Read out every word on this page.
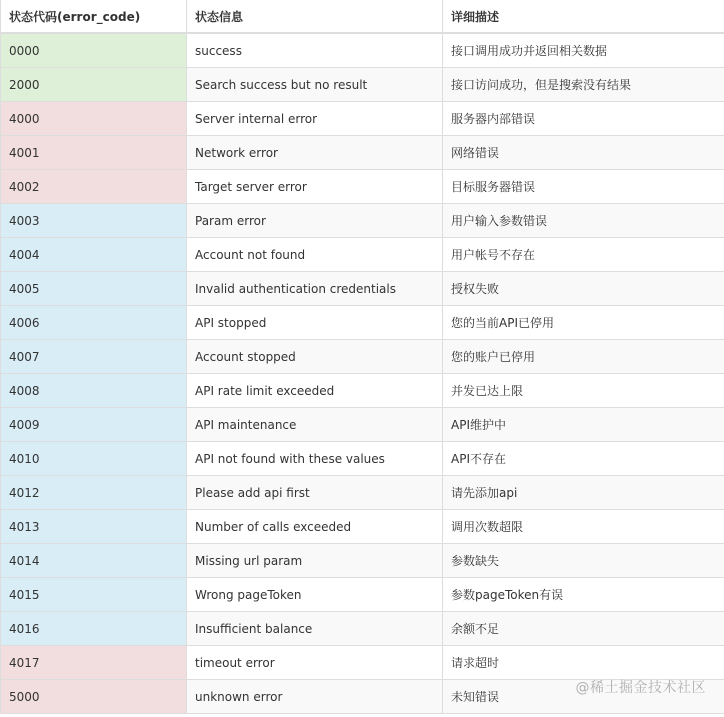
状态代码(error_code)	状态信息	详细描述
0000	success	接口调用成功并返回相关数据
2000	Search success but no result	接口访问成功，但是搜索没有结果
4000	Server internal error	服务器内部错误
4001	Network error	网络错误
4002	Target server error	目标服务器错误
4003	Param error	用户输入参数错误
4004	Account not found	用户帐号不存在
4005	Invalid authentication credentials	授权失败
4006	API stopped	您的当前API已停用
4007	Account stopped	您的账户已停用
4008	API rate limit exceeded	并发已达上限
4009	API maintenance	API维护中
4010	API not found with these values	API不存在
4012	Please add api first	请先添加api
4013	Number of calls exceeded	调用次数超限
4014	Missing url param	参数缺失
4015	Wrong pageToken	参数pageToken有误
4016	Insufficient balance	余额不足
4017	timeout error	请求超时
5000	unknown error	未知错误
@稀土掘金技术社区
